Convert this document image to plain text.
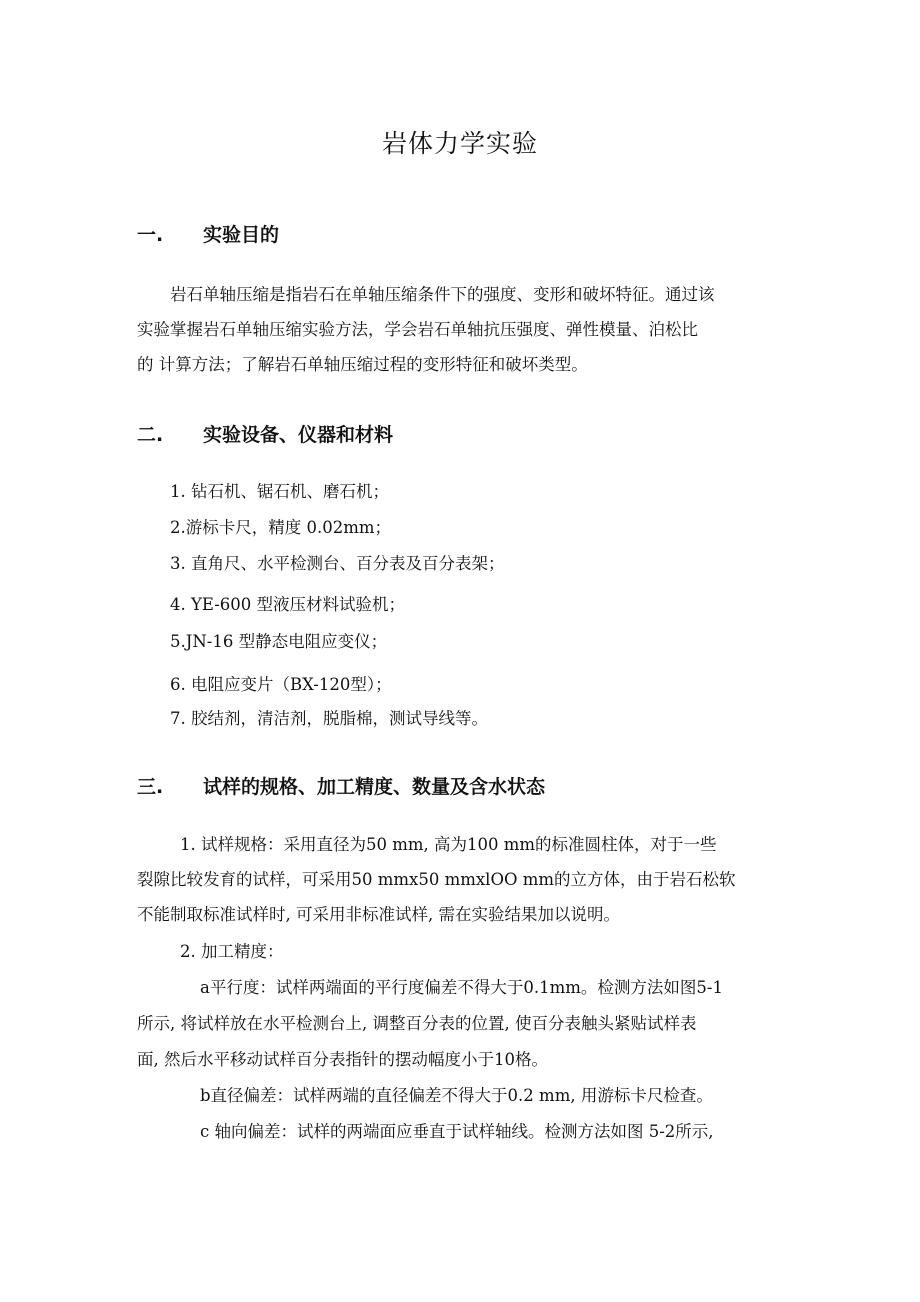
岩体力学实验
一. 实验目的
岩石单轴压缩是指岩石在单轴压缩条件下的强度、变形和破坏特征。通过该
实验掌握岩石单轴压缩实验方法，学会岩石单轴抗压强度、弹性模量、泊松比
的 计算方法；了解岩石单轴压缩过程的变形特征和破坏类型。
二. 实验设备、仪器和材料
1. 钻石机、锯石机、磨石机；
2.游标卡尺，精度 0.02mm；
3. 直角尺、水平检测台、百分表及百分表架；
4. YE-600 型液压材料试验机；
5.JN-16 型静态电阻应变仪；
6. 电阻应变片（BX-120型）；
7. 胶结剂，清洁剂，脱脂棉，测试导线等。
三. 试样的规格、加工精度、数量及含水状态
1. 试样规格：采用直径为50 mm, 高为100 mm的标准圆柱体，对于一些
裂隙比较发育的试样，可采用50 mmx50 mmxlOO mm的立方体，由于岩石松软
不能制取标准试样时, 可采用非标准试样, 需在实验结果加以说明。
2. 加工精度：
a平行度：试样两端面的平行度偏差不得大于0.1mm。检测方法如图5-1
所示, 将试样放在水平检测台上, 调整百分表的位置, 使百分表触头紧贴试样表
面, 然后水平移动试样百分表指针的摆动幅度小于10格。
b直径偏差：试样两端的直径偏差不得大于0.2 mm, 用游标卡尺检查。
c 轴向偏差：试样的两端面应垂直于试样轴线。检测方法如图 5-2所示,
